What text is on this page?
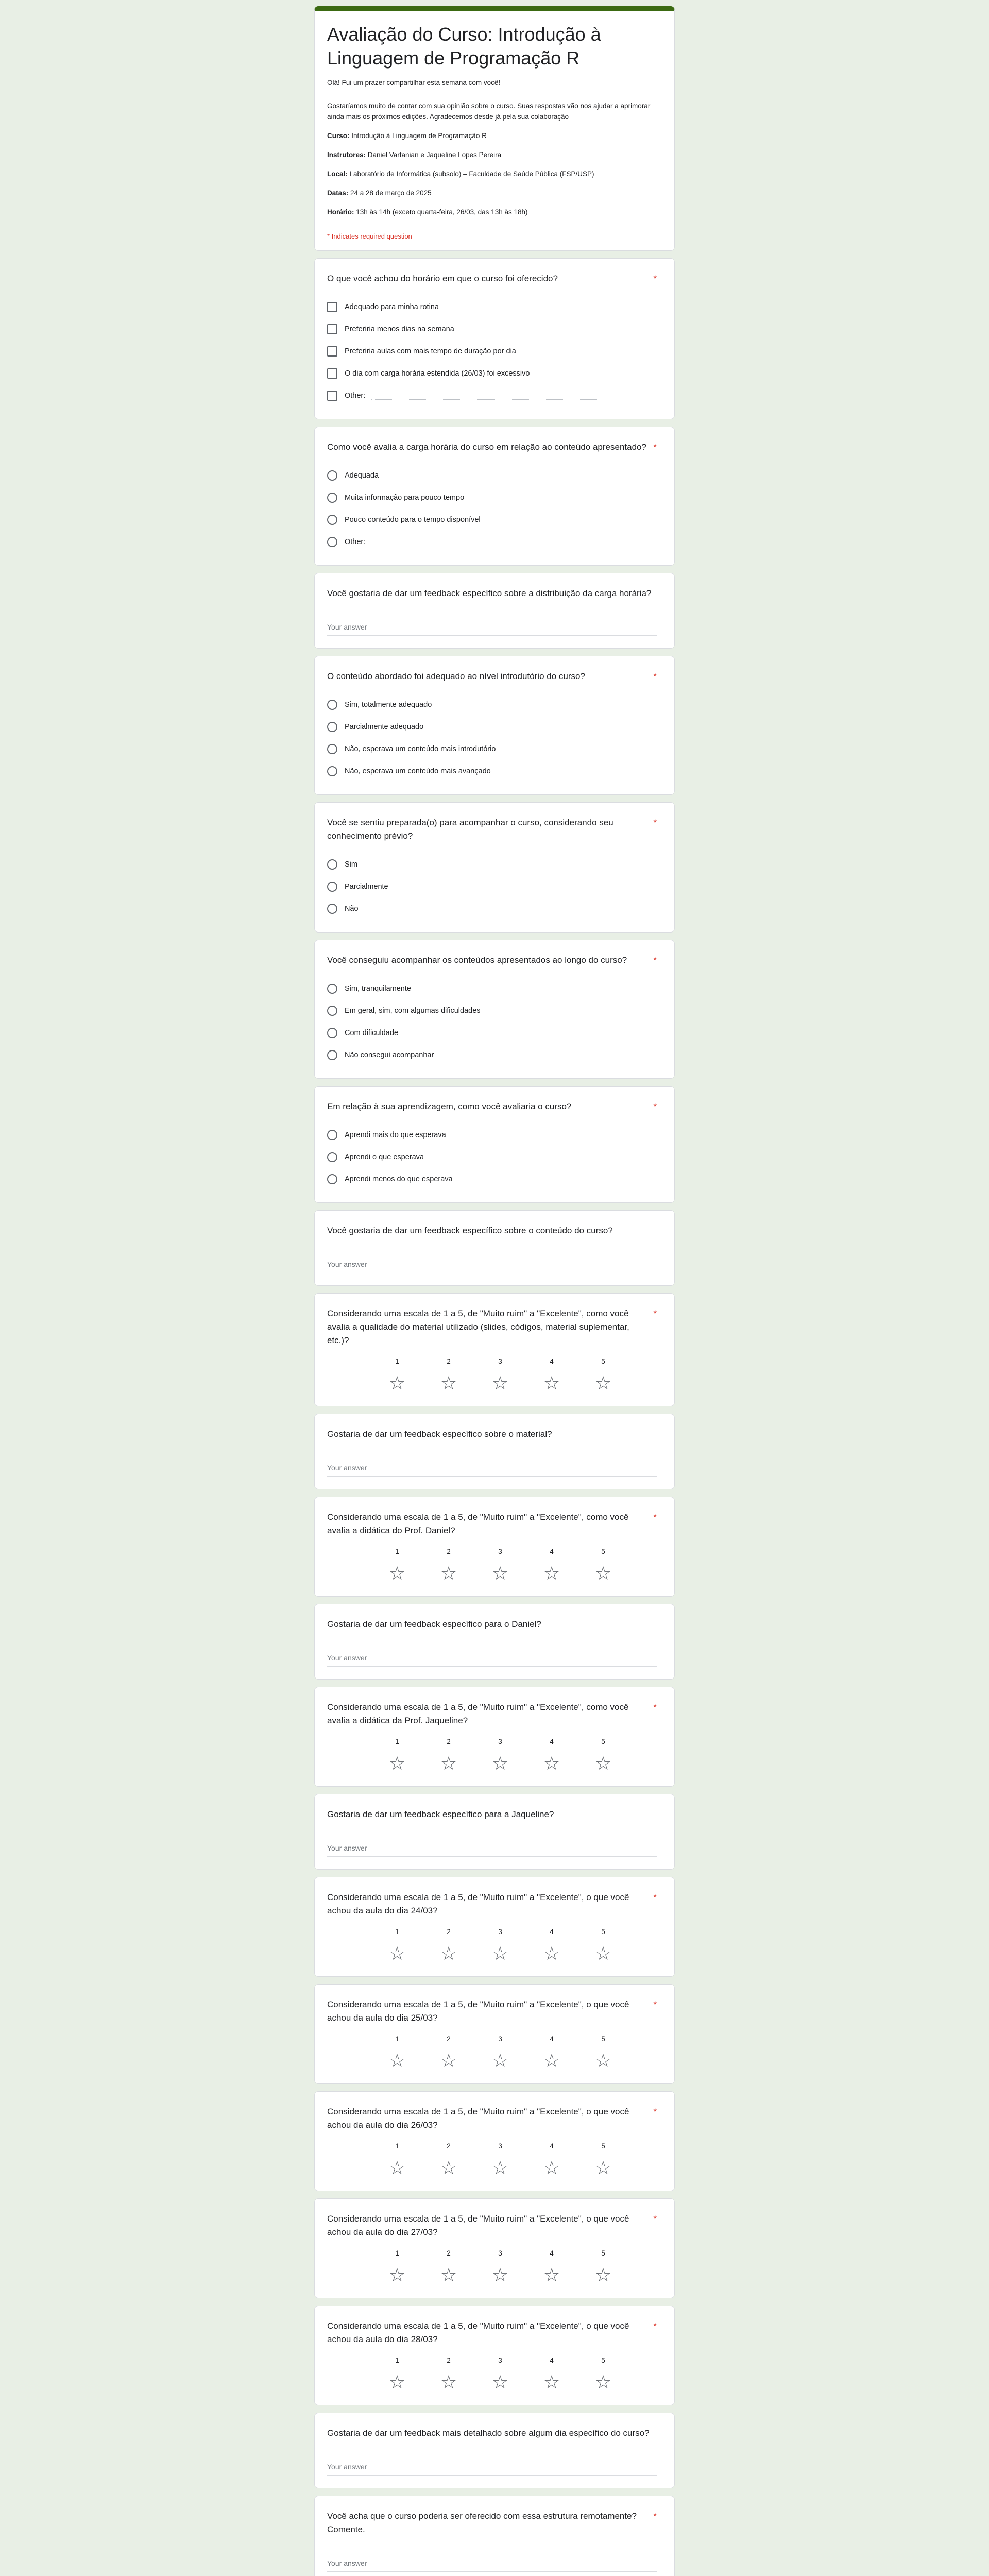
Avaliação do Curso: Introdução à Linguagem de Programação R

Olá! Fui um prazer compartilhar esta semana com você!

Gostaríamos muito de contar com sua opinião sobre o curso. Suas respostas vão nos ajudar a aprimorar ainda mais os próximos edições. Agradecemos desde já pela sua colaboração

Curso: Introdução à Linguagem de Programação R

Instrutores: Daniel Vartanian e Jaqueline Lopes Pereira

Local: Laboratório de Informática (subsolo) – Faculdade de Saúde Pública (FSP/USP)

Datas: 24 a 28 de março de 2025

Horário: 13h às 14h (exceto quarta-feira, 26/03, das 13h às 18h)

* Indicates required question
O que você achou do horário em que o curso foi oferecido?	*
Adequado para minha rotina
Preferiria menos dias na semana
Preferiria aulas com mais tempo de duração por dia
O dia com carga horária estendida (26/03) foi excessivo
Other:
Como você avalia a carga horária do curso em relação ao conteúdo apresentado? *
Adequada
Muita informação para pouco tempo
Pouco conteúdo para o tempo disponível
Other:
Você gostaria de dar um feedback específico sobre a distribuição da carga horária?
Your answer
O conteúdo abordado foi adequado ao nível introdutório do curso?	*
Sim, totalmente adequado
Parcialmente adequado
Não, esperava um conteúdo mais introdutório
Não, esperava um conteúdo mais avançado
Você se sentiu preparada(o) para acompanhar o curso, considerando seu conhecimento prévio?
*
Sim
Parcialmente
Não
Você conseguiu acompanhar os conteúdos apresentados ao longo do curso?	*
Sim, tranquilamente
Em geral, sim, com algumas dificuldades
Com dificuldade
Não consegui acompanhar
Em relação à sua aprendizagem, como você avaliaria o curso?	*
Aprendi mais do que esperava
Aprendi o que esperava
Aprendi menos do que esperava
Você gostaria de dar um feedback específico sobre o conteúdo do curso?
Your answer
Considerando uma escala de 1 a 5, de "Muito ruim" a "Excelente", como você avalia a qualidade do material utilizado (slides, códigos, material suplementar, etc.)?
*
1
☆
2
☆
3
☆
4
☆
5
☆
Gostaria de dar um feedback específico sobre o material?
Your answer
Considerando uma escala de 1 a 5, de "Muito ruim" a "Excelente", como você avalia a didática do Prof. Daniel?
*
1
☆
2
☆
3
☆
4
☆
5
☆
Gostaria de dar um feedback específico para o Daniel?
Your answer
Considerando uma escala de 1 a 5, de "Muito ruim" a "Excelente", como você avalia a didática da Prof. Jaqueline?
*
1
☆
2
☆
3
☆
4
☆
5
☆
Gostaria de dar um feedback específico para a Jaqueline?
Your answer
Considerando uma escala de 1 a 5, de "Muito ruim" a "Excelente", o que você achou da aula do dia 24/03?
*
1
☆
2
☆
3
☆
4
☆
5
☆
Considerando uma escala de 1 a 5, de "Muito ruim" a "Excelente", o que você achou da aula do dia 25/03?
*
1
☆
2
☆
3
☆
4
☆
5
☆
Considerando uma escala de 1 a 5, de "Muito ruim" a "Excelente", o que você achou da aula do dia 26/03?
*
1
☆
2
☆
3
☆
4
☆
5
☆
Considerando uma escala de 1 a 5, de "Muito ruim" a "Excelente", o que você achou da aula do dia 27/03?
*
1
☆
2
☆
3
☆
4
☆
5
☆
Considerando uma escala de 1 a 5, de "Muito ruim" a "Excelente", o que você achou da aula do dia 28/03?
*
1
☆
2
☆
3
☆
4
☆
5
☆
Gostaria de dar um feedback mais detalhado sobre algum dia específico do curso?
Your answer
Você acha que o curso poderia ser oferecido com essa estrutura remotamente? Comente.
*
Your answer
